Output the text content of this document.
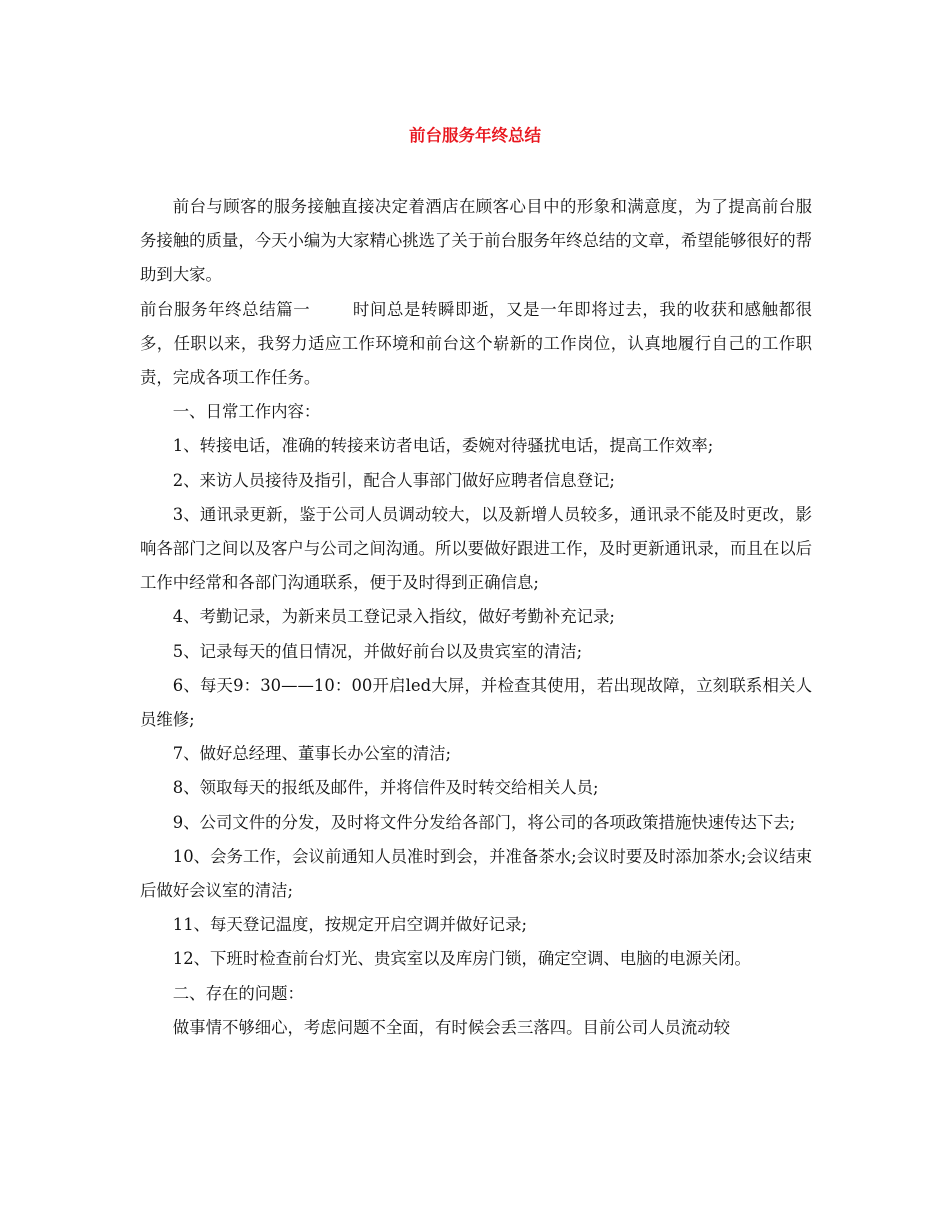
前台服务年终总结

前台与顾客的服务接触直接决定着酒店在顾客心目中的形象和满意度，为了提高前台服务接触的质量，今天小编为大家精心挑选了关于前台服务年终总结的文章，希望能够很好的帮助到大家。

前台服务年终总结篇一	时间总是转瞬即逝，又是一年即将过去，我的收获和感触都很多，任职以来，我努力适应工作环境和前台这个崭新的工作岗位，认真地履行自己的工作职责，完成各项工作任务。

一、日常工作内容：

1、转接电话，准确的转接来访者电话，委婉对待骚扰电话，提高工作效率;

2、来访人员接待及指引，配合人事部门做好应聘者信息登记;

3、通讯录更新，鉴于公司人员调动较大，以及新增人员较多，通讯录不能及时更改，影响各部门之间以及客户与公司之间沟通。所以要做好跟进工作，及时更新通讯录，而且在以后工作中经常和各部门沟通联系，便于及时得到正确信息;

4、考勤记录，为新来员工登记录入指纹，做好考勤补充记录;

5、记录每天的值日情况，并做好前台以及贵宾室的清洁;

6、每天9：30——10：00开启led大屏，并检查其使用，若出现故障，立刻联系相关人员维修;

7、做好总经理、董事长办公室的清洁;

8、领取每天的报纸及邮件，并将信件及时转交给相关人员;

9、公司文件的分发，及时将文件分发给各部门，将公司的各项政策措施快速传达下去;

10、会务工作，会议前通知人员准时到会，并准备茶水;会议时要及时添加茶水;会议结束后做好会议室的清洁;

11、每天登记温度，按规定开启空调并做好记录;

12、下班时检查前台灯光、贵宾室以及库房门锁，确定空调、电脑的电源关闭。

二、存在的问题：

做事情不够细心，考虑问题不全面，有时候会丢三落四。目前公司人员流动较
